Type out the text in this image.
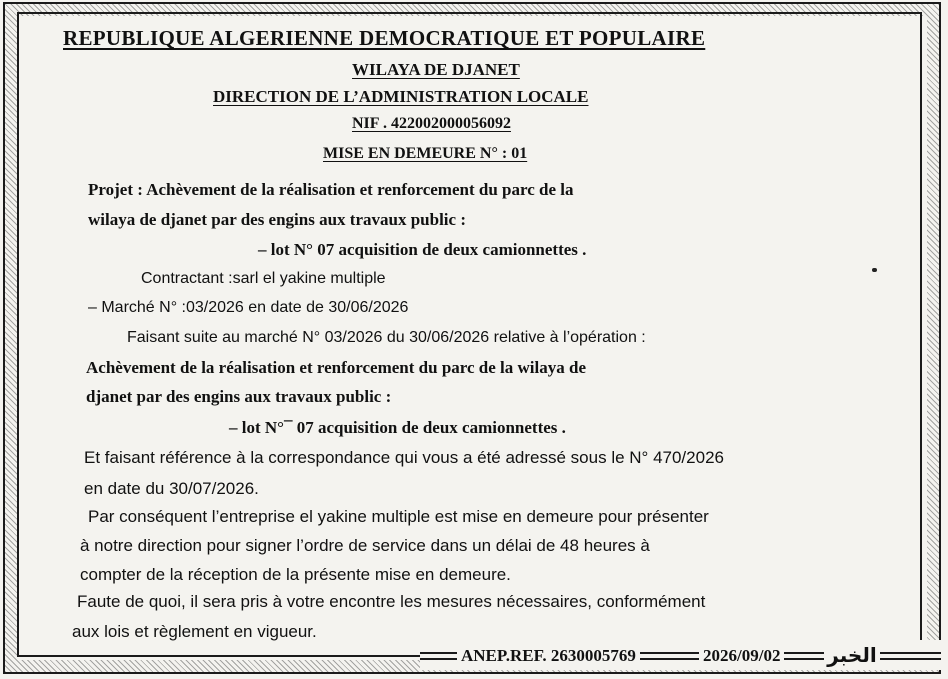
REPUBLIQUE ALGERIENNE DEMOCRATIQUE ET POPULAIRE
WILAYA DE DJANET
DIRECTION DE L’ADMINISTRATION LOCALE
NIF . 422002000056092
MISE EN DEMEURE N° : 01
Projet : Achèvement de la réalisation et renforcement du parc de la
wilaya de djanet par des engins aux travaux public :
– lot N° 07 acquisition de deux camionnettes .
Contractant :sarl el yakine multiple
– Marché N° :03/2026 en date de 30/06/2026
Faisant suite au marché N° 03/2026 du 30/06/2026 relative à l’opération :
Achèvement de la réalisation et renforcement du parc de la wilaya de
djanet par des engins aux travaux public :
– lot N°¯ 07 acquisition de deux camionnettes .
Et faisant référence à la correspondance qui vous a été adressé sous le N° 470/2026
en date du 30/07/2026.
Par conséquent l’entreprise el yakine multiple est mise en demeure pour présenter
à notre direction pour signer l’ordre de service dans un délai de 48 heures à
compter de la réception de la présente mise en demeure.
Faute de quoi, il sera pris à votre encontre les mesures nécessaires, conformément
aux lois et règlement en vigueur.
ANEP.REF. 2630005769	2026/09/02 الخبر
